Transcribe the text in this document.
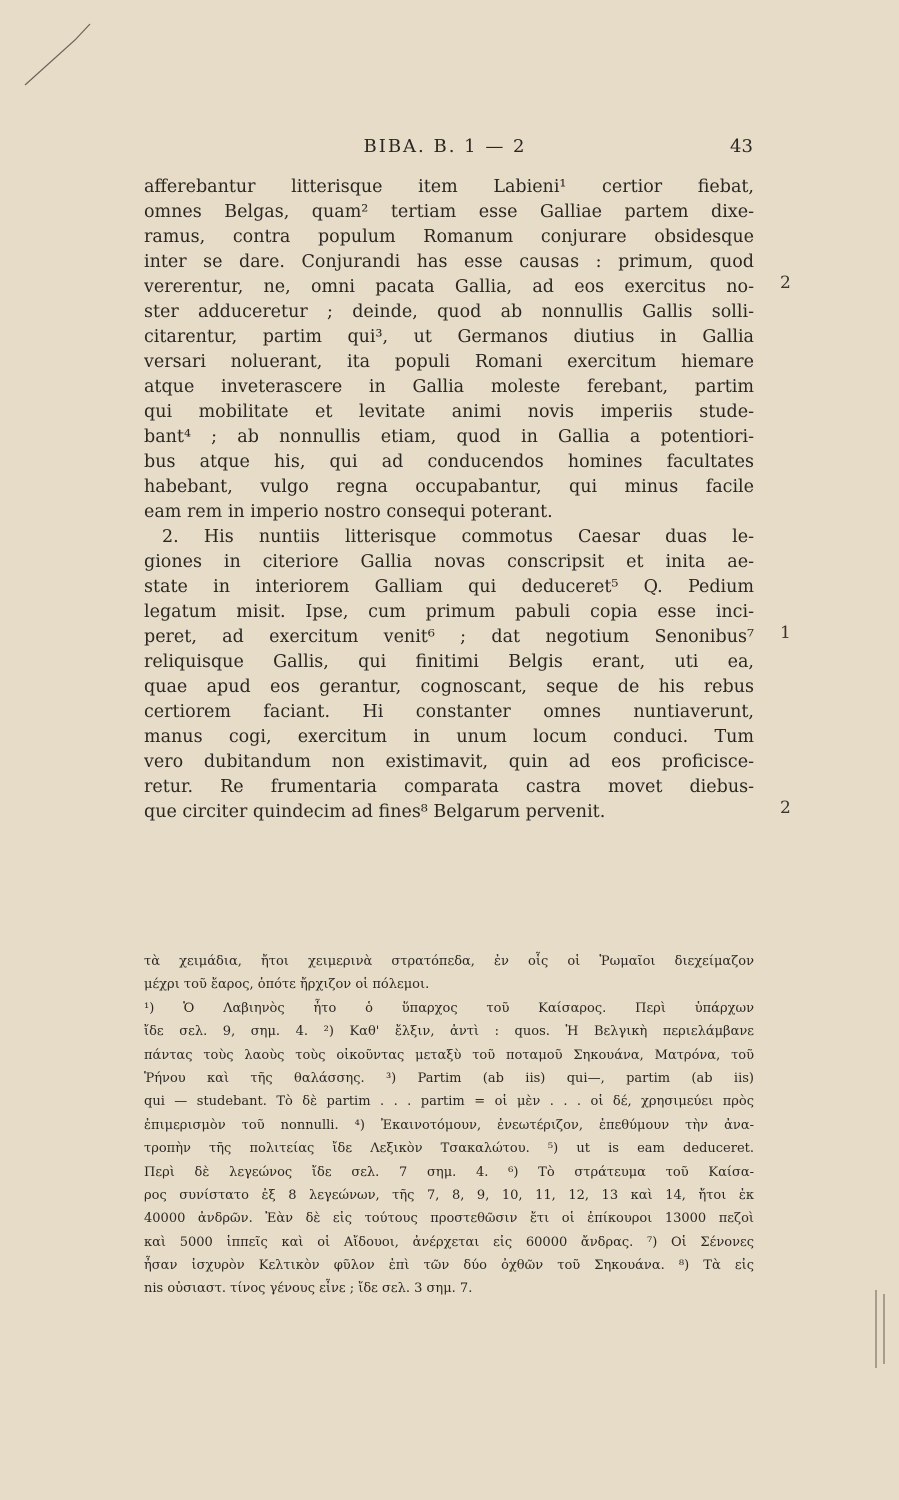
BIBA. B. 1 — 2	43
afferebantur litterisque item Labieni¹ certior fiebat,
omnes Belgas, quam² tertiam esse Galliae partem dixe-
ramus, contra populum Romanum conjurare obsidesque
inter se dare. Conjurandi has esse causas : primum, quod
vererentur, ne, omni pacata Gallia, ad eos exercitus no-
ster adduceretur ; deinde, quod ab nonnullis Gallis solli-
citarentur, partim qui³, ut Germanos diutius in Gallia
versari noluerant, ita populi Romani exercitum hiemare
atque inveterascere in Gallia moleste ferebant, partim
qui mobilitate et levitate animi novis imperiis stude-
bant⁴ ; ab nonnullis etiam, quod in Gallia a potentiori-
bus atque his, qui ad conducendos homines facultates
habebant, vulgo regna occupabantur, qui minus facile
eam rem in imperio nostro consequi poterant.
2. His nuntiis litterisque commotus Caesar duas le-
giones in citeriore Gallia novas conscripsit et inita ae-
state in interiorem Galliam qui deduceret⁵ Q. Pedium
legatum misit. Ipse, cum primum pabuli copia esse inci-
peret, ad exercitum venit⁶ ; dat negotium Senonibus⁷
reliquisque Gallis, qui finitimi Belgis erant, uti ea,
quae apud eos gerantur, cognoscant, seque de his rebus
certiorem faciant. Hi constanter omnes nuntiaverunt,
manus cogi, exercitum in unum locum conduci. Tum
vero dubitandum non existimavit, quin ad eos proficisce-
retur. Re frumentaria comparata castra movet diebus-
que circiter quindecim ad fines⁸ Belgarum pervenit.
2
1
2
τὰ χειμάδια, ἤτοι χειμερινὰ στρατόπεδα, ἐν οἷς οἱ Ῥωμαῖοι διεχείμαζον
μέχρι τοῦ ἔαρος, ὁπότε ἤρχιζον οἱ πόλεμοι.
¹) Ὁ Λαβιηνὸς ἦτο ὁ ὕπαρχος τοῦ Καίσαρος. Περὶ ὑπάρχων
ἴδε σελ. 9, σημ. 4. ²) Καθ' ἔλξιν, ἀντὶ : quos. Ἡ Βελγικὴ περιελάμβανε
πάντας τοὺς λαοὺς τοὺς οἰκοῦντας μεταξὺ τοῦ ποταμοῦ Σηκουάνα, Ματρόνα, τοῦ
Ῥήνου καὶ τῆς θαλάσσης. ³) Partim (ab iis) qui—, partim (ab iis)
qui — studebant. Τὸ δὲ partim . . . partim = οἱ μὲν . . . οἱ δέ, χρησιμεύει πρὸς
ἐπιμερισμὸν τοῦ nonnulli. ⁴) Ἐκαινοτόμουν, ἐνεωτέριζον, ἐπεθύμουν τὴν ἀνα-
τροπὴν τῆς πολιτείας ἴδε Λεξικὸν Τσακαλώτου. ⁵) ut is eam deduceret.
Περὶ δὲ λεγεώνος ἴδε σελ. 7 σημ. 4. ⁶) Τὸ στράτευμα τοῦ Καίσα-
ρος συνίστατο ἐξ 8 λεγεώνων, τῆς 7, 8, 9, 10, 11, 12, 13 καὶ 14, ἤτοι ἐκ
40000 ἀνδρῶν. Ἐὰν δὲ εἰς τούτους προστεθῶσιν ἔτι οἱ ἐπίκουροι 13000 πεζοὶ
καὶ 5000 ἱππεῖς καὶ οἱ Αἴδουοι, ἀνέρχεται εἰς 60000 ἄνδρας. ⁷) Οἱ Σένονες
ἦσαν ἰσχυρὸν Κελτικὸν φῦλον ἐπὶ τῶν δύο ὀχθῶν τοῦ Σηκουάνα. ⁸) Τὰ εἰς
nis οὐσιαστ. τίνος γένους εἶνε ; ἴδε σελ. 3 σημ. 7.
